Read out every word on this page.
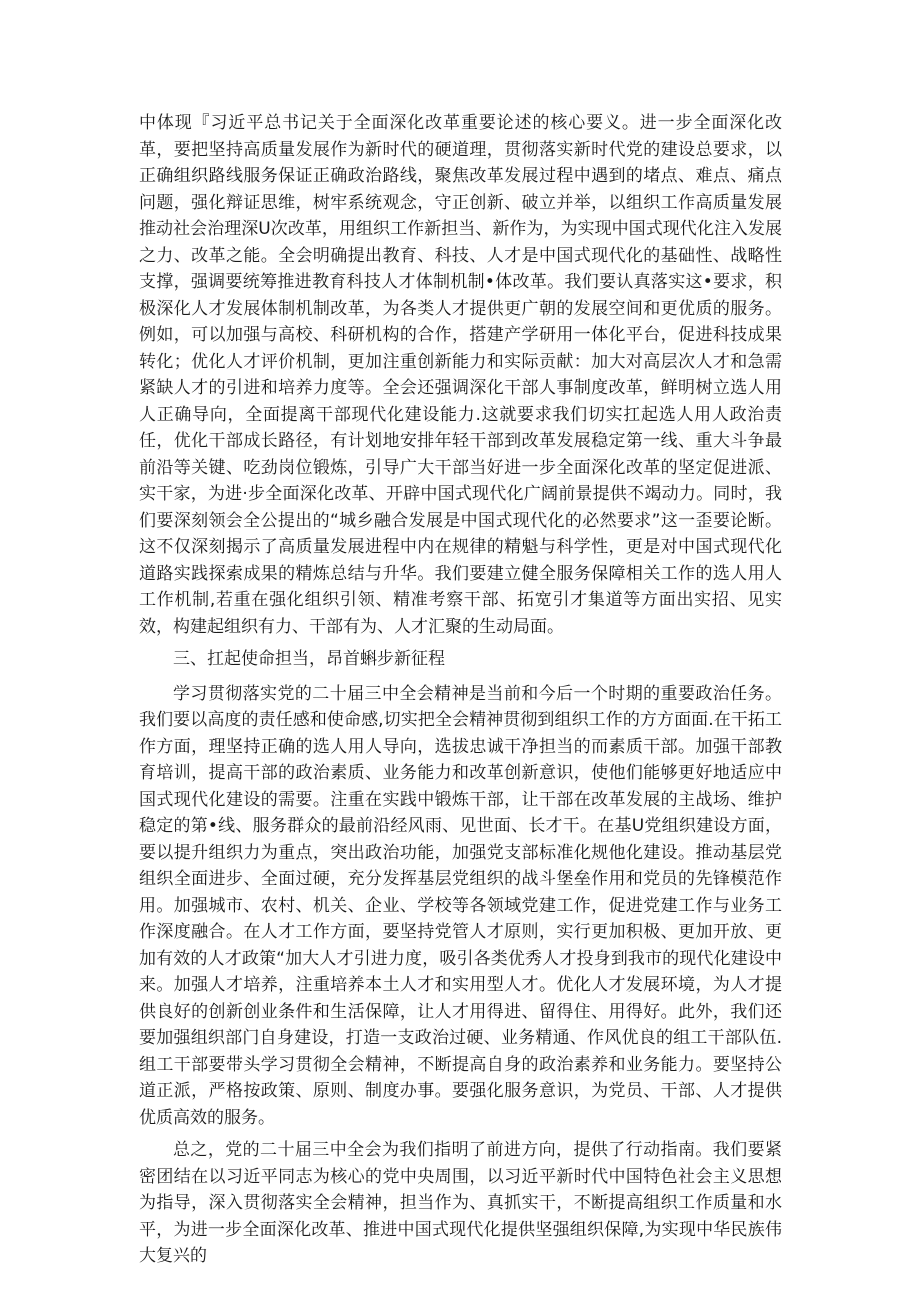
中体现『习近平总书记关于全面深化改革重要论述的核心要义。进一步全面深化改革，要把坚持高质量发展作为新时代的硬道理，贯彻落实新时代党的建设总要求，以正确组织路线服务保证正确政治路线，聚焦改革发展过程中遇到的堵点、难点、痛点问题，强化辩证思维，树牢系统观念，守正创新、破立并举，以组织工作高质量发展推动社会治理深U次改革，用组织工作新担当、新作为，为实现中国式现代化注入发展之力、改革之能。全会明确提出教育、科技、人才是中国式现代化的基础性、战略性支撑，强调要统筹推进教育科技人才体制机制•体改革。我们要认真落实这•要求，积极深化人才发展体制机制改革，为各类人才提供更广朝的发展空间和更优质的服务。例如，可以加强与高校、科研机构的合作，搭建产学研用一体化平台，促进科技成果转化；优化人才评价机制，更加注重创新能力和实际贡献：加大对高层次人才和急需紧缺人才的引进和培养力度等。全会还强调深化干部人事制度改革，鲜明树立选人用人正确导向，全面提离干部现代化建设能力.这就要求我们切实扛起选人用人政治责任，优化干部成长路径，有计划地安排年轻干部到改革发展稳定第一线、重大斗争最前沿等关键、吃劲岗位锻炼，引导广大干部当好进一步全面深化改革的坚定促进派、实干家，为进·步全面深化改革、开辟中国式现代化广阔前景提供不竭动力。同时，我们要深刻领会全公提出的“城乡融合发展是中国式现代化的必然要求”这一歪要论断。这不仅深刻揭示了高质量发展进程中内在规律的精魁与科学性，更是对中国式现代化道路实践探索成果的精炼总结与升华。我们要建立健全服务保障相关工作的选人用人工作机制,若重在强化组织引领、精准考察干部、拓宽引才集道等方面出实招、见实效，构建起组织有力、干部有为、人才汇聚的生动局面。

三、扛起使命担当，昂首蝌步新征程

学习贯彻落实党的二十届三中全会精神是当前和今后一个时期的重要政治任务。我们要以高度的责任感和使命感,切实把全会精神贯彻到组织工作的方方面面.在干拓工作方面，理坚持正确的选人用人导向，选拔忠诚干净担当的而素质干部。加强干部教育培训，提高干部的政治素质、业务能力和改革创新意识，使他们能够更好地适应中国式现代化建设的需要。注重在实践中锻炼干部，让干部在改革发展的主战场、维护稳定的第•线、服务群众的最前沿经风雨、见世面、长才干。在基U党组织建设方面，要以提升组织力为重点，突出政治功能，加强党支部标准化规他化建设。推动基层党组织全面进步、全面过硬，充分发挥基层党组织的战斗堡垒作用和党员的先锋模范作用。加强城市、农村、机关、企业、学校等各领域党建工作，促进党建工作与业务工作深度融合。在人才工作方面，要坚持党管人才原则，实行更加积极、更加开放、更加有效的人才政策“加大人才引进力度，吸引各类优秀人才投身到我市的现代化建设中来。加强人才培养，注重培养本土人才和实用型人才。优化人才发展环境，为人才提供良好的创新创业条件和生活保障，让人才用得进、留得住、用得好。此外，我们还要加强组织部门自身建设，打造一支政治过硬、业务精通、作风优良的组工干部队伍.组工干部要带头学习贯彻全会精神，不断提高自身的政治素养和业务能力。要坚持公道正派，严格按政策、原则、制度办事。要强化服务意识，为党员、干部、人才提供优质高效的服务。

总之，党的二十届三中全会为我们指明了前进方向，提供了行动指南。我们要紧密团结在以习近平同志为核心的党中央周围，以习近平新时代中国特色社会主义思想为指导，深入贯彻落实全会精神，担当作为、真抓实干，不断提高组织工作质量和水平，为进一步全面深化改革、推进中国式现代化提供坚强组织保障,为实现中华民族伟大复兴的
